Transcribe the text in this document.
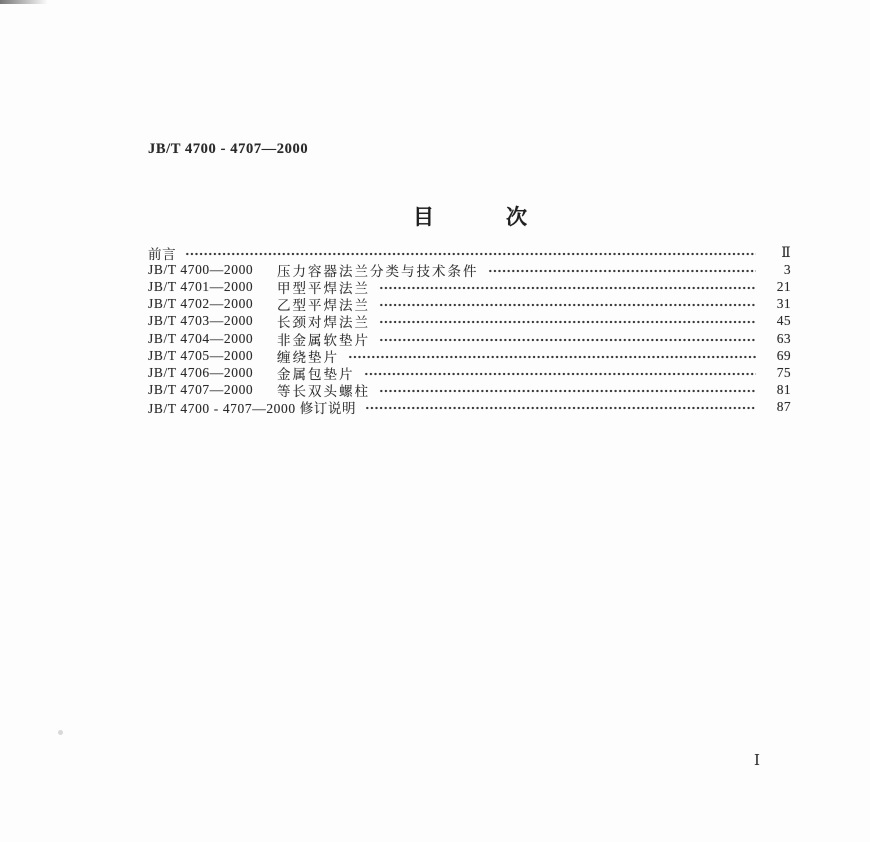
JB/T 4700 - 4707—2000
目	次
前言	Ⅱ
JB/T 4700—2000	压力容器法兰分类与技术条件	3
JB/T 4701—2000	甲型平焊法兰	21
JB/T 4702—2000	乙型平焊法兰	31
JB/T 4703—2000	长颈对焊法兰	45
JB/T 4704—2000	非金属软垫片	63
JB/T 4705—2000	缠绕垫片	69
JB/T 4706—2000	金属包垫片	75
JB/T 4707—2000	等长双头螺柱	81
JB/T 4700 - 4707—2000 修订说明	87
Ⅰ
